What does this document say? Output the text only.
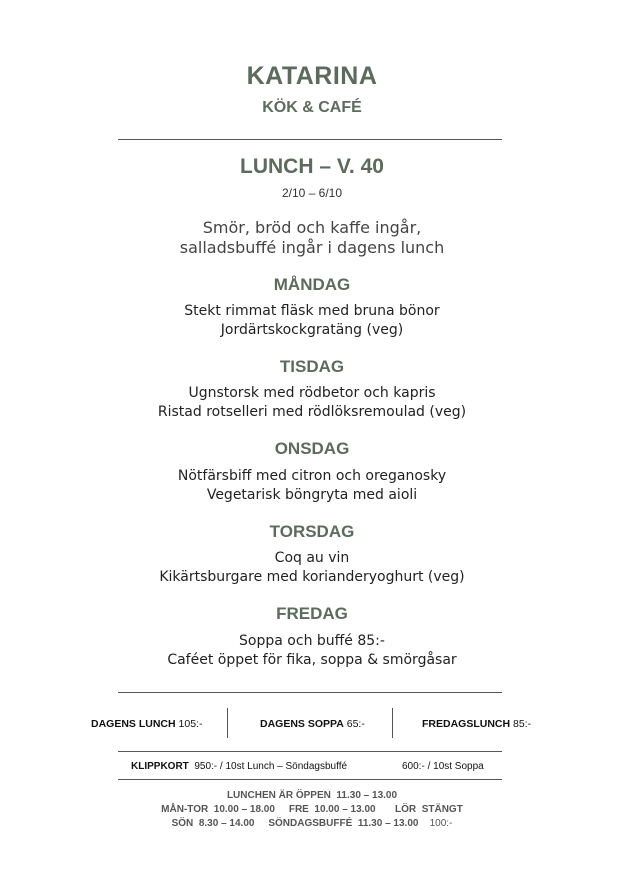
KATARINA
KÖK & CAFÉ
LUNCH – V. 40
2/10 – 6/10
Smör, bröd och kaffe ingår,
salladsbuffé ingår i dagens lunch
MÅNDAG
Stekt rimmat fläsk med bruna bönor
Jordärtskockgratäng (veg)
TISDAG
Ugnstorsk med rödbetor och kapris
Ristad rotselleri med rödlöksremoulad (veg)
ONSDAG
Nötfärsbiff med citron och oreganosky
Vegetarisk böngryta med aioli
TORSDAG
Coq au vin
Kikärtsburgare med korianderyoghurt (veg)
FREDAG
Soppa och buffé 85:-
Caféet öppet för fika, soppa & smörgåsar
DAGENS LUNCH 105:-	DAGENS SOPPA 65:-	FREDAGSLUNCH 85:-
KLIPPKORT 950:- / 10st Lunch – Söndagsbuffé	600:- / 10st Soppa
LUNCHEN ÄR ÖPPEN 11.30 – 13.00
MÅN-TOR 10.00 – 18.00 FRE 10.00 – 13.00 LÖR STÄNGT
SÖN 8.30 – 14.00 SÖNDAGSBUFFÉ 11.30 – 13.00 100:-
